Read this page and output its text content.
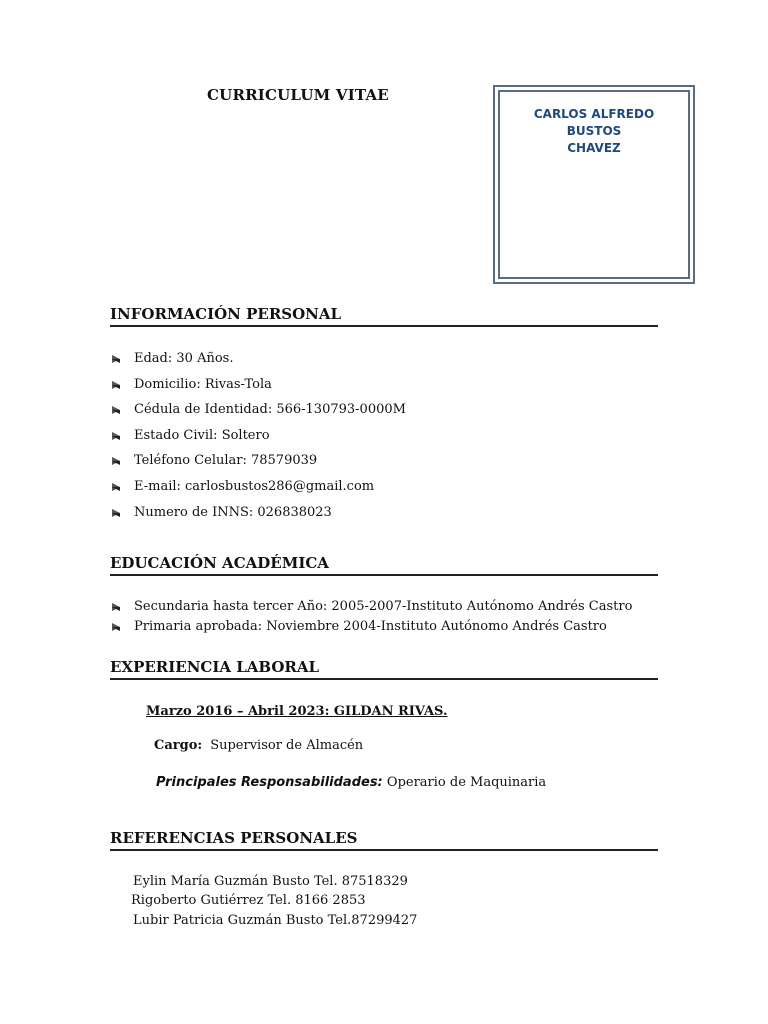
CURRICULUM VITAE
CARLOS ALFREDO BUSTOS
CHAVEZ
INFORMACIÓN PERSONAL
Edad: 30 Años.
Domicilio: Rivas-Tola
Cédula de Identidad: 566-130793-0000M
Estado Civil: Soltero
Teléfono Celular: 78579039
E-mail: carlosbustos286@gmail.com
Numero de INNS: 026838023
EDUCACIÓN ACADÉMICA
Secundaria hasta tercer Año: 2005-2007-Instituto Autónomo Andrés Castro
Primaria aprobada: Noviembre 2004-Instituto Autónomo Andrés Castro
EXPERIENCIA LABORAL
Marzo 2016 – Abril 2023: GILDAN RIVAS.
Cargo: Supervisor de Almacén
Principales Responsabilidades: Operario de Maquinaria
REFERENCIAS PERSONALES
Eylin María Guzmán Busto Tel. 87518329
Rigoberto Gutiérrez Tel. 8166 2853
Lubir Patricia Guzmán Busto Tel.87299427
